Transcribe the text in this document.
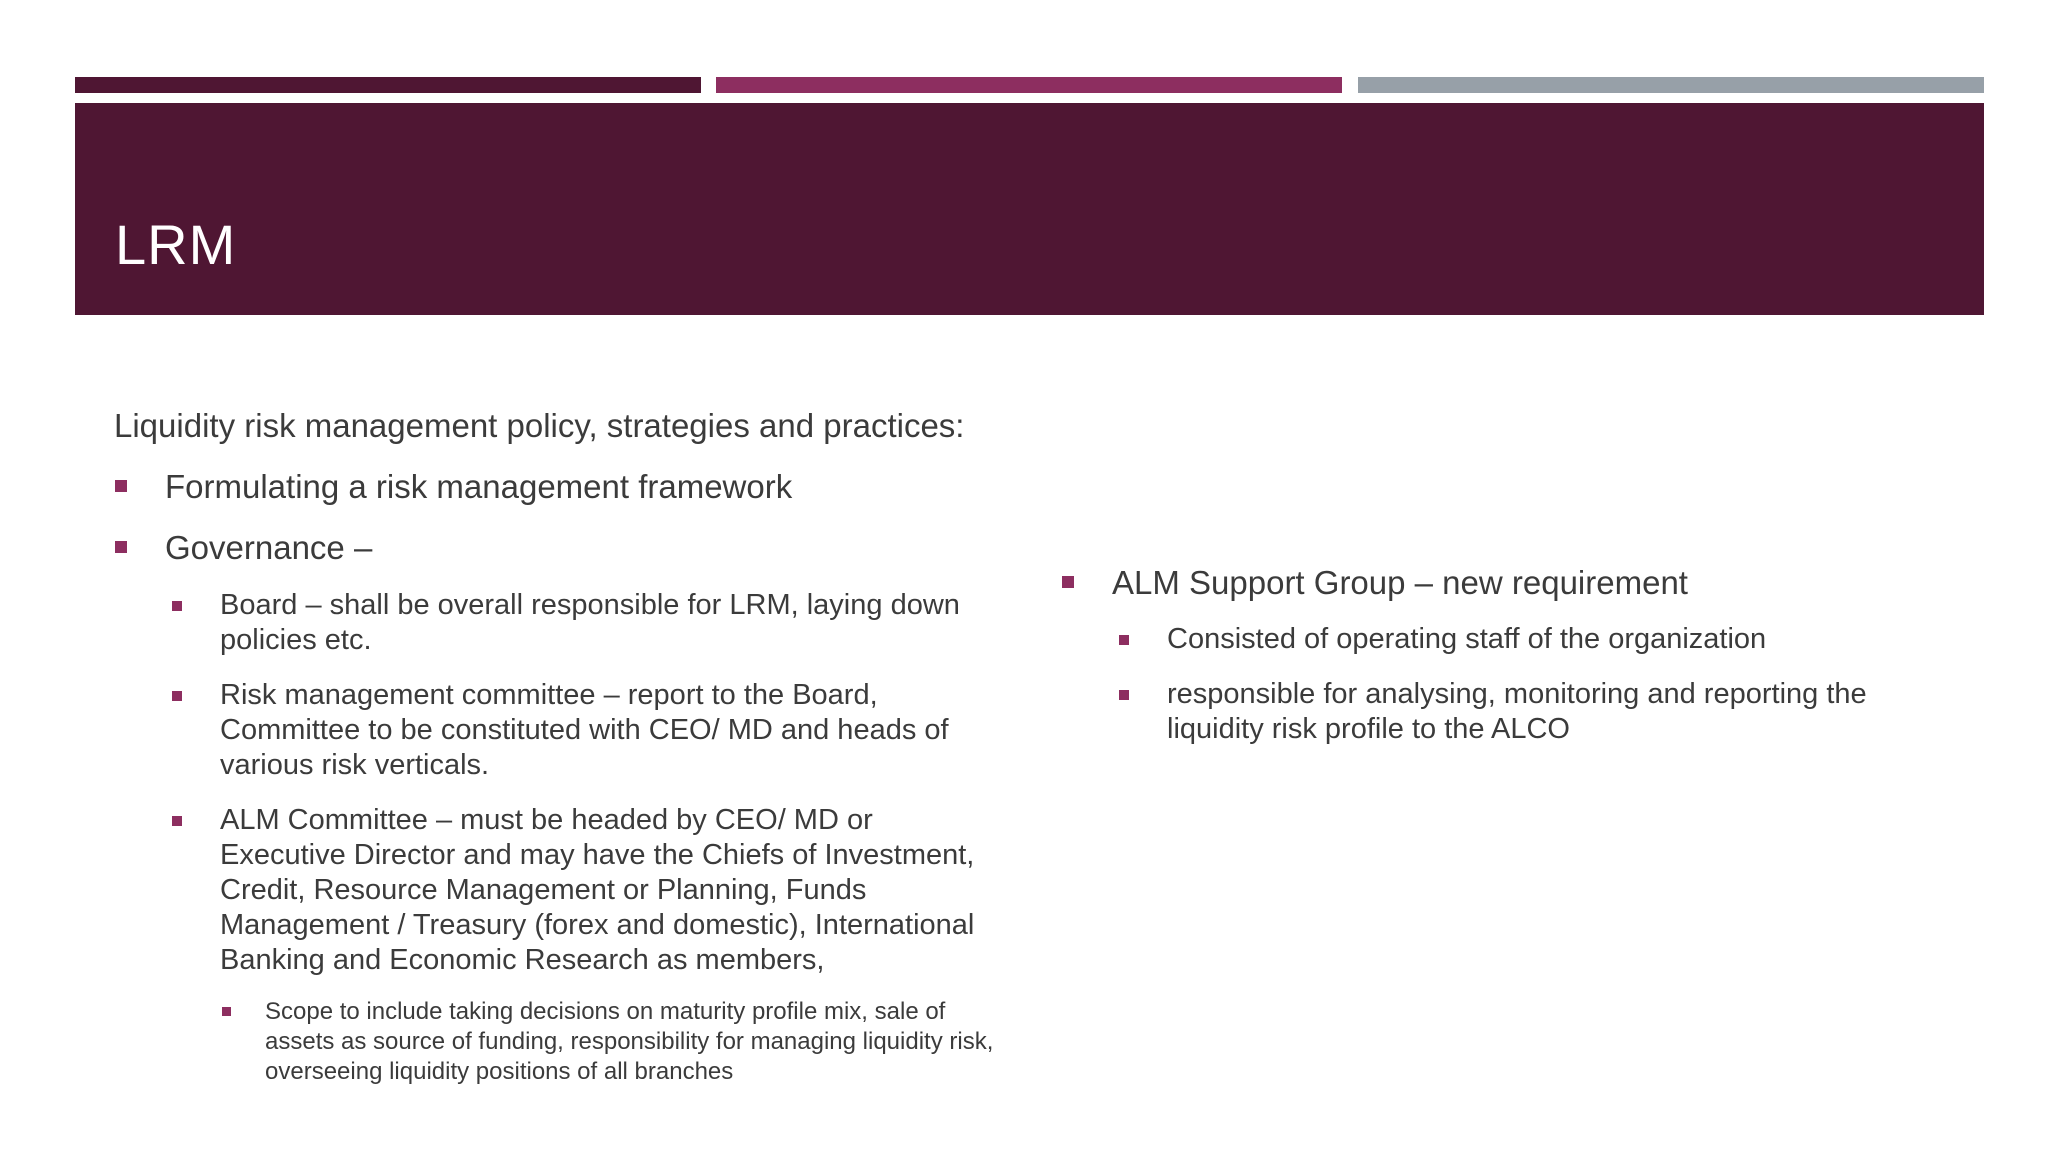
LRM

Liquidity risk management policy, strategies and practices:

Formulating a risk management framework
Governance –
Board – shall be overall responsible for LRM, laying down policies etc.
Risk management committee – report to the Board, Committee to be constituted with CEO/ MD and heads of various risk verticals.
ALM Committee – must be headed by CEO/ MD or Executive Director and may have the Chiefs of Investment, Credit, Resource Management or Planning, Funds Management / Treasury (forex and domestic), International Banking and Economic Research as members,
Scope to include taking decisions on maturity profile mix, sale of assets as source of funding, responsibility for managing liquidity risk, overseeing liquidity positions of all branches
ALM Support Group – new requirement
Consisted of operating staff of the organization
responsible for analysing, monitoring and reporting the liquidity risk profile to the ALCO
